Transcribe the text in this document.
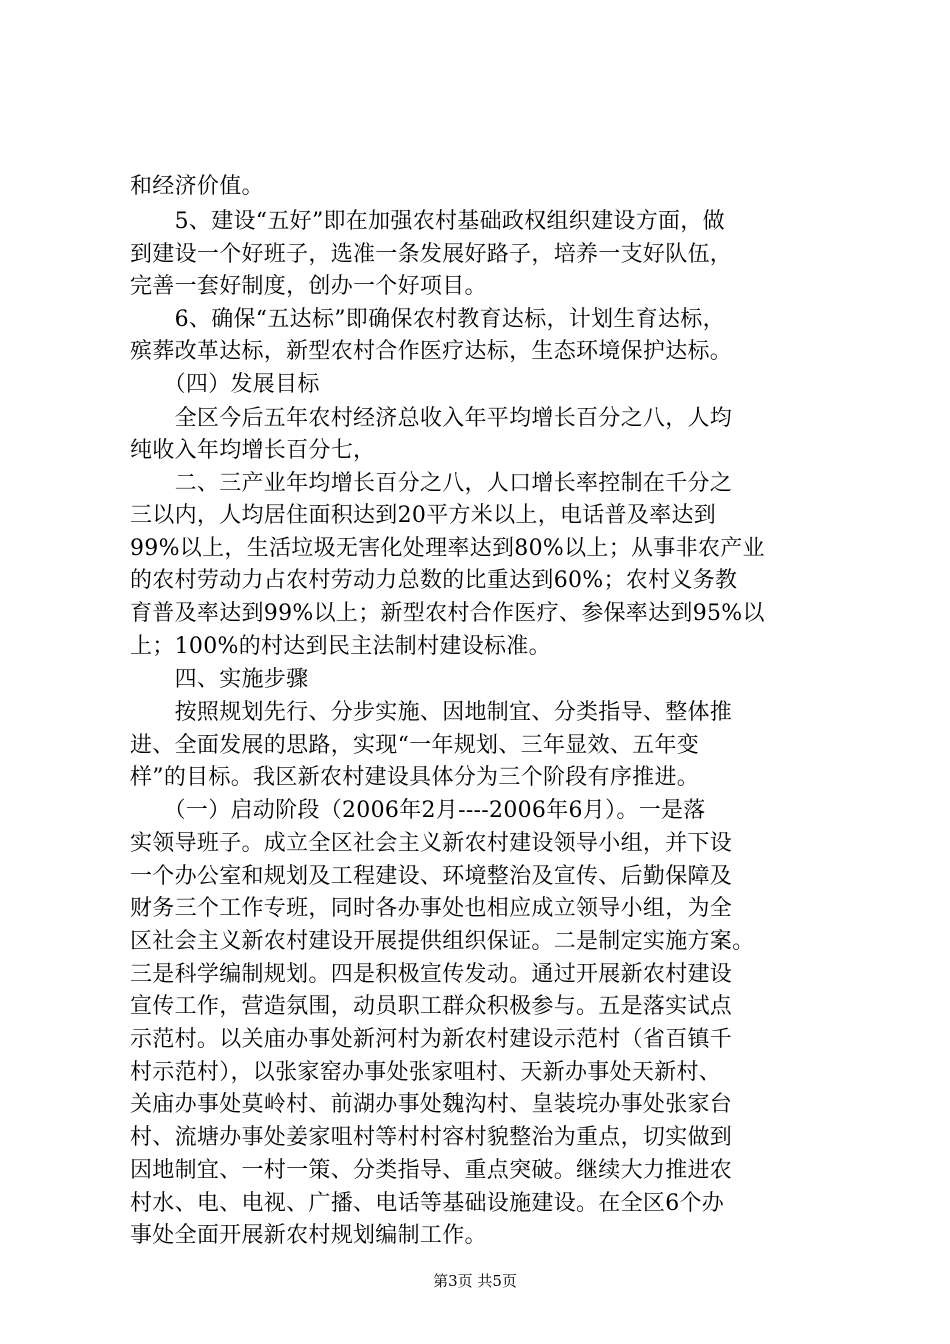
和经济价值。
　　5、建设“五好”即在加强农村基础政权组织建设方面，做
到建设一个好班子，选准一条发展好路子，培养一支好队伍，
完善一套好制度，创办一个好项目。
　　6、确保“五达标”即确保农村教育达标，计划生育达标，
殡葬改革达标，新型农村合作医疗达标，生态环境保护达标。
　　（四）发展目标
　　全区今后五年农村经济总收入年平均增长百分之八，人均
纯收入年均增长百分七，
　　二、三产业年均增长百分之八，人口增长率控制在千分之
三以内，人均居住面积达到20平方米以上，电话普及率达到
99%以上，生活垃圾无害化处理率达到80%以上；从事非农产业
的农村劳动力占农村劳动力总数的比重达到60%；农村义务教
育普及率达到99%以上；新型农村合作医疗、参保率达到95%以
上；100%的村达到民主法制村建设标准。
　　四、实施步骤
　　按照规划先行、分步实施、因地制宜、分类指导、整体推
进、全面发展的思路，实现“一年规划、三年显效、五年变
样”的目标。我区新农村建设具体分为三个阶段有序推进。
　　（一）启动阶段（2006年2月----2006年6月）。一是落
实领导班子。成立全区社会主义新农村建设领导小组，并下设
一个办公室和规划及工程建设、环境整治及宣传、后勤保障及
财务三个工作专班，同时各办事处也相应成立领导小组，为全
区社会主义新农村建设开展提供组织保证。二是制定实施方案。
三是科学编制规划。四是积极宣传发动。通过开展新农村建设
宣传工作，营造氛围，动员职工群众积极参与。五是落实试点
示范村。以关庙办事处新河村为新农村建设示范村（省百镇千
村示范村），以张家窑办事处张家咀村、天新办事处天新村、
关庙办事处莫岭村、前湖办事处魏沟村、皇装垸办事处张家台
村、流塘办事处姜家咀村等村村容村貌整治为重点，切实做到
因地制宜、一村一策、分类指导、重点突破。继续大力推进农
村水、电、电视、广播、电话等基础设施建设。在全区6个办
事处全面开展新农村规划编制工作。
第3页 共5页
